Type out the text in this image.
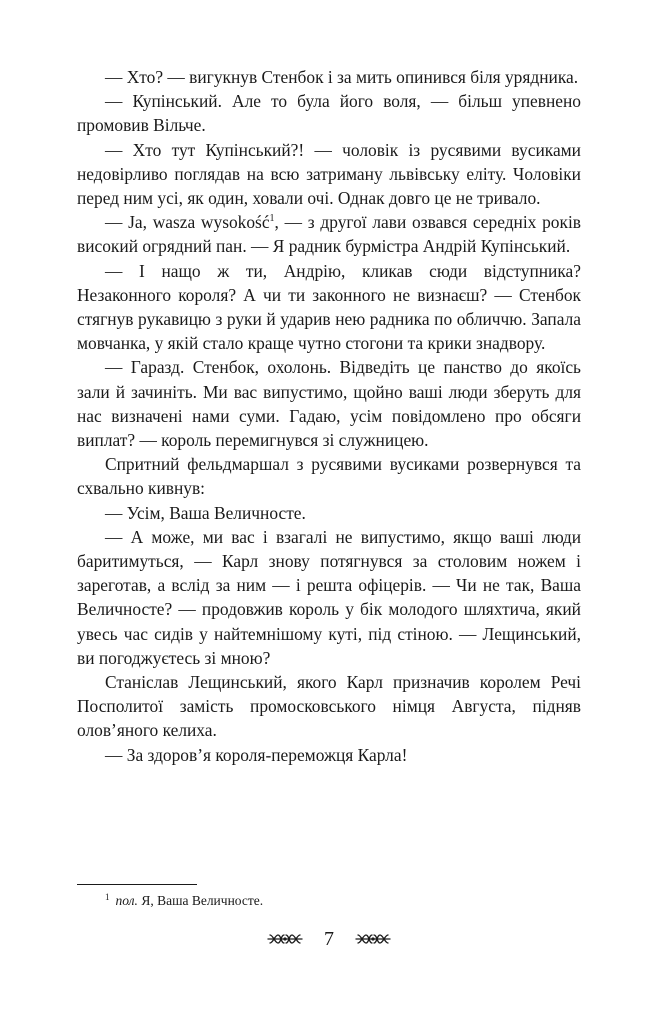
— Хто? — вигукнув Стенбок і за мить опинився біля урядника.

— Купінський. Але то була його воля, — більш упевнено промовив Вільче.

— Хто тут Купінський?! — чоловік із русявими вусиками недовірливо поглядав на всю затриману львівську еліту. Чоловіки перед ним усі, як один, ховали очі. Однак довго це не тривало.

— Ja, wasza wysokość$^1$, — з другої лави озвався середніх років високий огрядний пан. — Я радник бурмістра Андрій Купінський.

— І нащо ж ти, Андрію, кликав сюди відступника? Незаконного короля? А чи ти законного не визнаєш? — Стенбок стягнув рукавицю з руки й ударив нею радника по обличчю. Запала мовчанка, у якій стало краще чутно стогони та крики знадвору.

— Гаразд. Стенбок, охолонь. Відведіть це панство до якоїсь зали й зачиніть. Ми вас випустимо, щойно ваші люди зберуть для нас визначені нами суми. Гадаю, усім повідомлено про обсяги виплат? — король перемигнувся зі служницею.

Спритний фельдмаршал з русявими вусиками розвернувся та схвально кивнув:

— Усім, Ваша Величносте.

— А може, ми вас і взагалі не випустимо, якщо ваші люди баритимуться, — Карл знову потягнувся за столовим ножем і зареготав, а вслід за ним — і решта офіцерів. — Чи не так, Ваша Величносте? — продовжив король у бік молодого шляхтича, який увесь час сидів у найтемнішому куті, під стіною. — Лещинський, ви погоджуєтесь зі мною?

Станіслав Лещинський, якого Карл призначив королем Речі Посполитої замість промосковського німця Августа, підняв олов’яного келиха.

— За здоров’я короля-переможця Карла!

$^1$ пол. Я, Ваша Величносте.
7
